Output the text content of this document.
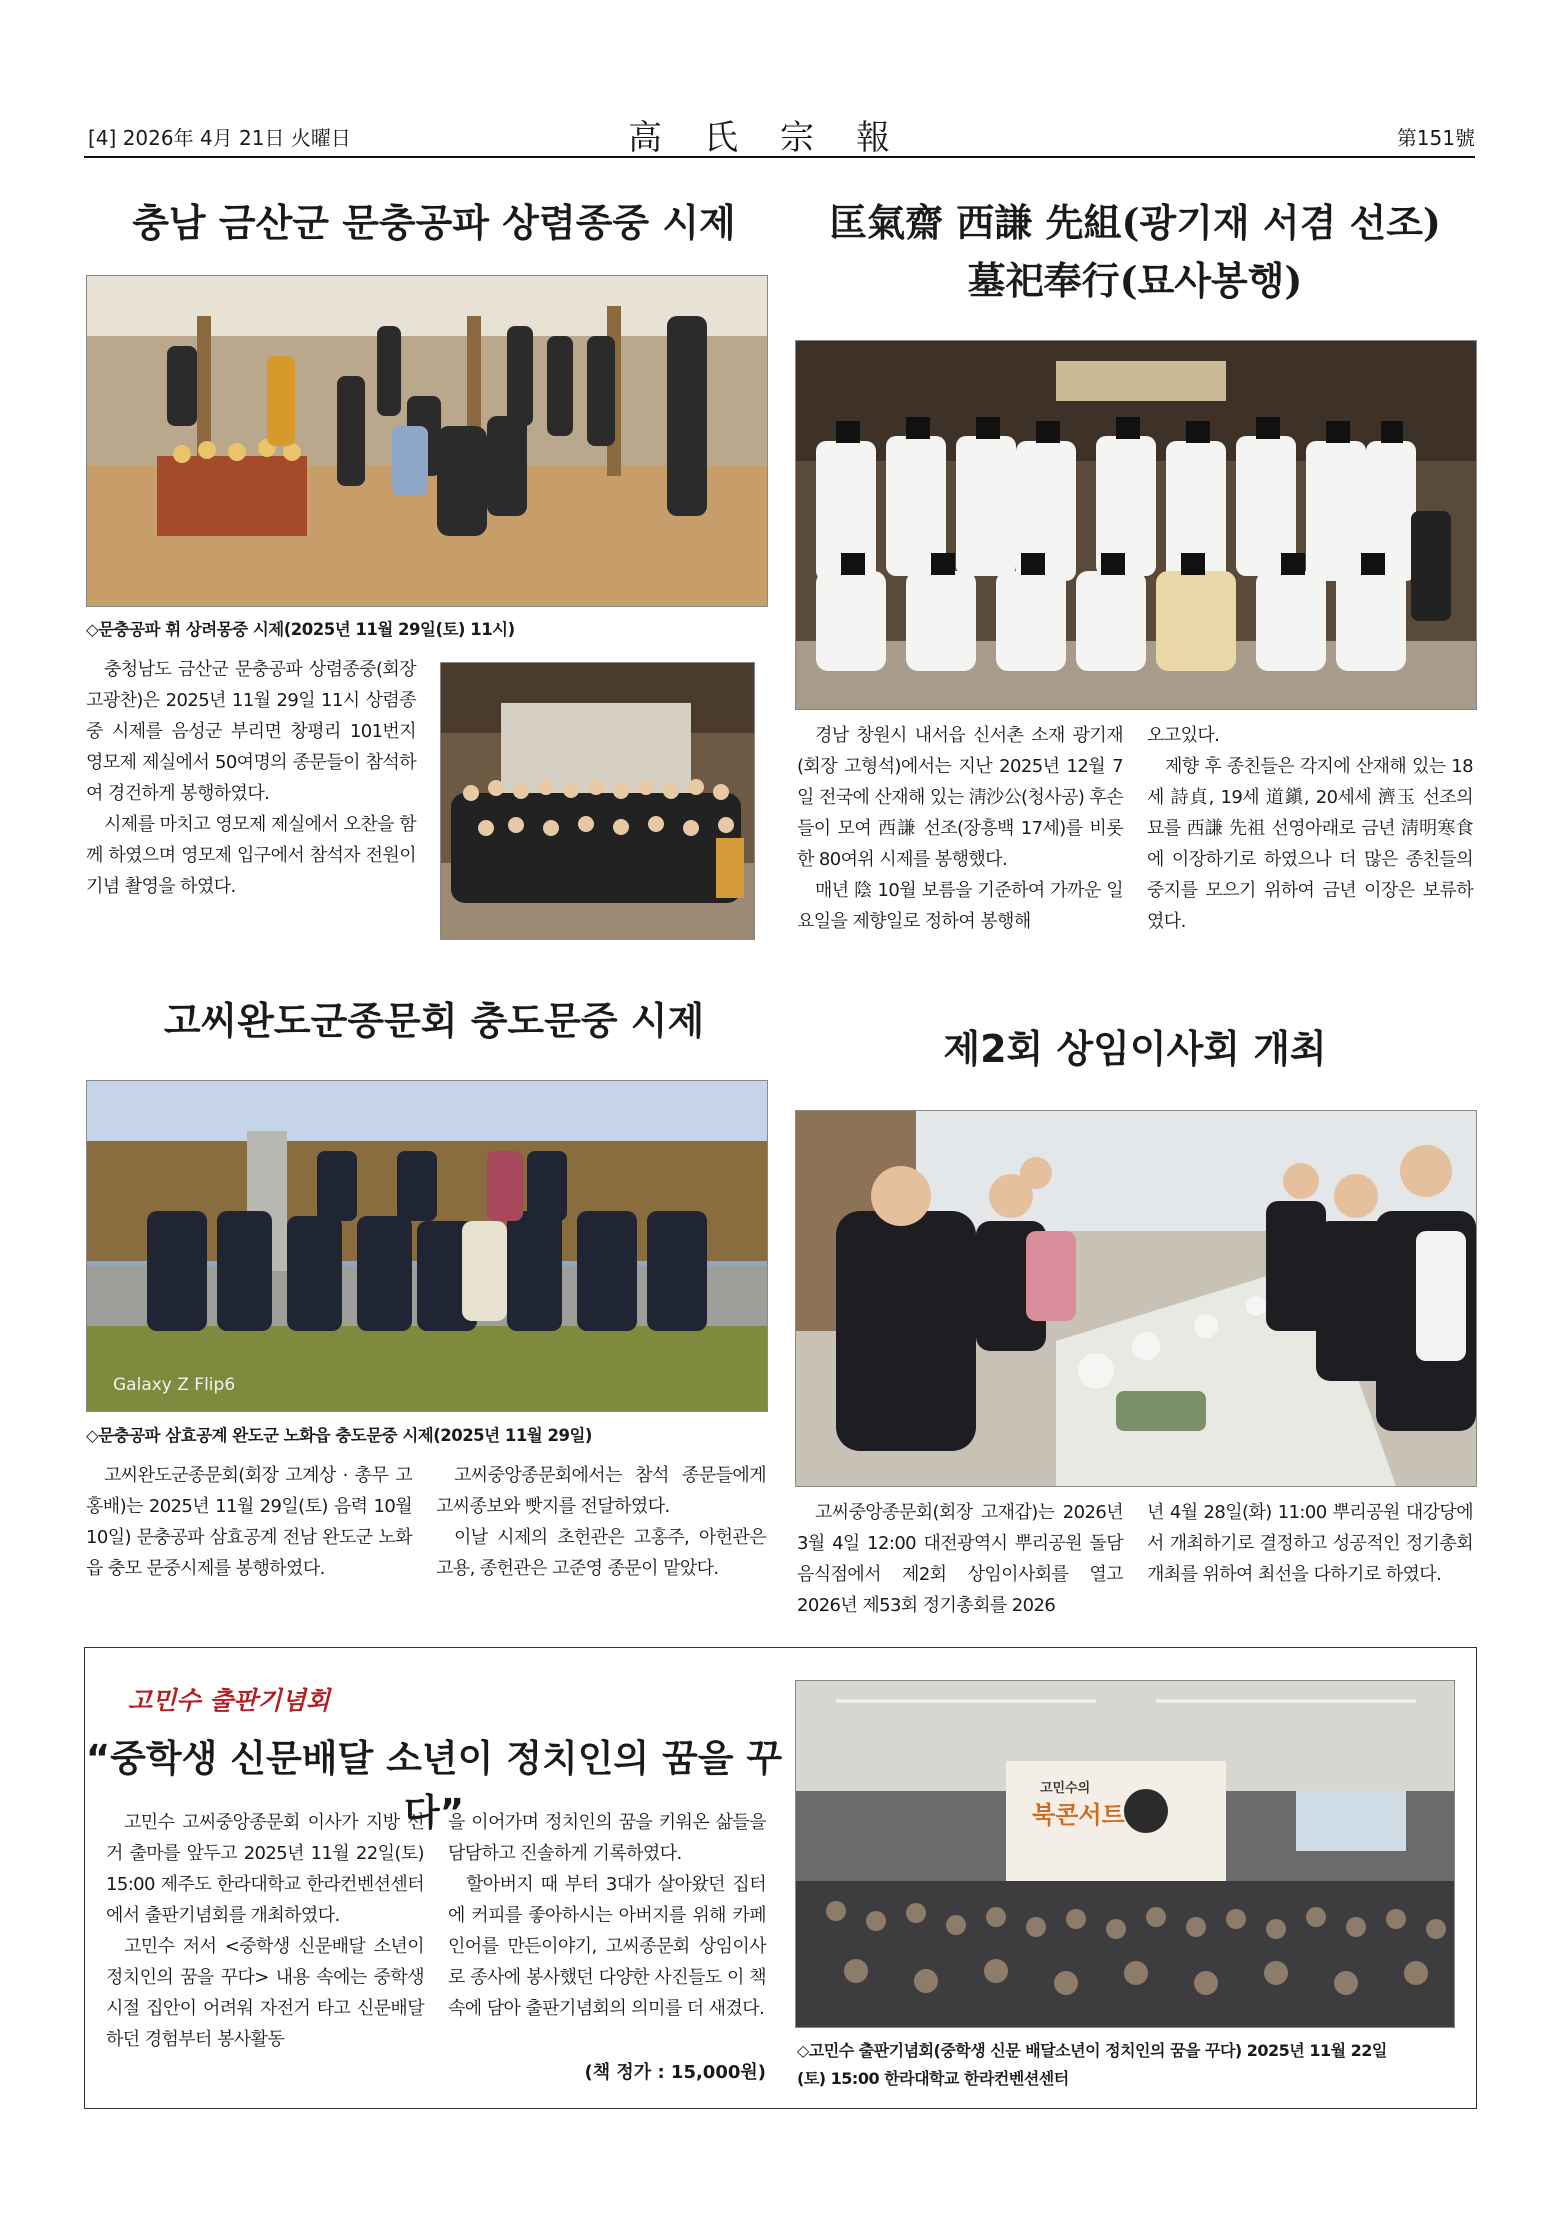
[4] 2026年 4月 21日 火曜日	高氏宗報	第151號
충남 금산군 문충공파 상렴종중 시제
◇문충공파 휘 상려몽중 시제(2025년 11월 29일(토) 11시)

충청남도 금산군 문충공파 상렴종중(회장 고광찬)은 2025년 11월 29일 11시 상렴종중 시제를 음성군 부리면 창평리 101번지 영모제 제실에서 50여명의 종문들이 참석하여 경건하게 봉행하였다.

시제를 마치고 영모제 제실에서 오찬을 함께 하였으며 영모제 입구에서 참석자 전원이 기념 촬영을 하였다.

匡氣齋 西謙 先組(광기재 서겸 선조)
墓祀奉行(묘사봉행)

경남 창원시 내서읍 신서촌 소재 광기재(회장 고형석)에서는 지난 2025년 12월 7일 전국에 산재해 있는 淸沙公(청사공) 후손들이 모여 西謙 선조(장흥백 17세)를 비롯한 80여위 시제를 봉행했다.

매년 陰 10월 보름을 기준하여 가까운 일요일을 제향일로 정하여 봉행해

오고있다.

제향 후 종친들은 각지에 산재해 있는 18세 詩貞, 19세 道鎭, 20세세 濟玉 선조의 묘를 西謙 先祖 선영아래로 금년 淸明寒食에 이장하기로 하였으나 더 많은 종친들의 중지를 모으기 위하여 금년 이장은 보류하였다.

고씨완도군종문회 충도문중 시제
Galaxy Z Flip6
◇문충공파 삼효공계 완도군 노화읍 충도문중 시제(2025년 11월 29일)

고씨완도군종문회(회장 고계상 · 총무 고홍배)는 2025년 11월 29일(토) 음력 10월 10일) 문충공파 삼효공계 전남 완도군 노화읍 충모 문중시제를 봉행하였다.

고씨중앙종문회에서는 참석 종문들에게 고씨종보와 빳지를 전달하였다.

이날 시제의 초헌관은 고홍주, 아헌관은 고용, 종헌관은 고준영 종문이 맡았다.

제2회 상임이사회 개최

고씨중앙종문회(회장 고재갑)는 2026년 3월 4일 12:00 대전광역시 뿌리공원 돌담 음식점에서 제2회 상임이사회를 열고 2026년 제53회 정기총회를 2026

년 4월 28일(화) 11:00 뿌리공원 대강당에서 개최하기로 결정하고 성공적인 정기총회 개최를 위하여 최선을 다하기로 하였다.

고민수 출판기념회
“중학생 신문배달 소년이 정치인의 꿈을 꾸다”

고민수 고씨중앙종문회 이사가 지방 선거 출마를 앞두고 2025년 11월 22일(토) 15:00 제주도 한라대학교 한라컨벤션센터에서 출판기념회를 개최하였다.

고민수 저서 <중학생 신문배달 소년이 정치인의 꿈을 꾸다> 내용 속에는 중학생 시절 집안이 어려워 자전거 타고 신문배달 하던 경험부터 봉사활동

을 이어가며 정치인의 꿈을 키워온 삶들을 담담하고 진솔하게 기록하였다.

할아버지 때 부터 3대가 살아왔던 집터에 커피를 좋아하시는 아버지를 위해 카페 인어를 만든이야기, 고씨종문회 상임이사로 종사에 봉사했던 다양한 사진들도 이 책 속에 담아 출판기념회의 의미를 더 새겼다.

(책 정가 : 15,000원)
고민수의
북콘서트
◇고민수 출판기념회(중학생 신문 배달소년이 정치인의 꿈을 꾸다) 2025년 11월 22일
(토) 15:00 한라대학교 한라컨벤션센터
